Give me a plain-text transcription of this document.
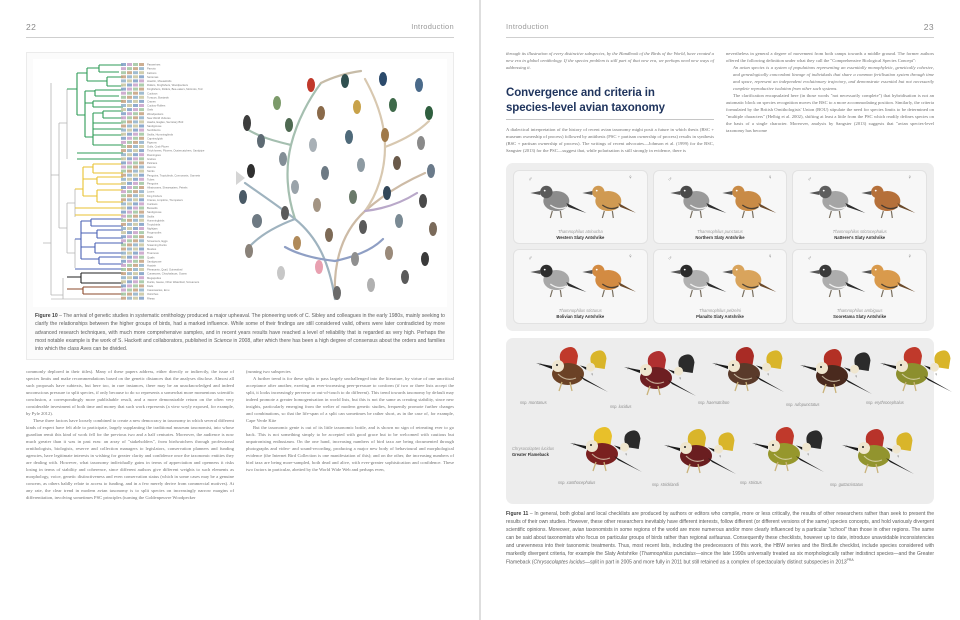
22	Introduction
Passerines
Parrots
Falcons
Seriemas
Hoatzin, Mousebirds
Rollers, Kingfishers, Woodpeckers
Kingfishers, Rollers, Bee-eaters, Motmots, Tod
Cuckoos
Turacos, Bustards
Cranes
Cuckoo-Rollers
Owls
Woodpeckers
New World Vultures
Hawks, Eagles, Secretary Bird
Sandgrouse
Sunbitterns
Swifts, Hummingbirds
Caprimulgids
Pigeons
Gulls, Crab Plover
Thick-knees, Plovers, Oystercatchers, Sandpipe
Flamingoes
Grebes
Pelicans
Herons
Storks
Penguins, Tropicbirds, Cormorants, Gannets
Tubes
Penguins
Albatrosses, Shearwaters, Petrels
Loons
King Fishers
Cranes, Limpkins, Trumpeters
Cuckoos
Bustards
Sandgrouse
Swifts
Hummingbirds
Tropicbirds
Nightjars
Frogmouths
Rails
Screamers, Eggs
Sreaming Ducks
Mesites
Tinamous
Quails
Sandgrouse
Hoatzin
Pheasants, Quail, Guineafowl
Curassows, Chachalacas, Guans
Megapodes
Ducks, Geese, Other Waterfowl, Screamers
Kiwis
Cassowaries, Emu
Ostriches
Rheas
Figure 10 – The arrival of genetic studies in systematic ornithology produced a major upheaval. The pioneering work of C. Sibley and colleagues in the early 1980s, mainly seeking to clarify the relationships between the higher groups of birds, had a marked influence. While some of their findings are still considered valid, others were later contradicted by more advanced research techniques, with much more comprehensive samples, and in recent years results have reached a level of reliability that is regarded as very high. Perhaps the most notable example is the work of S. Hackett and collaborators, published in Science in 2008, after which there has been a high degree of consensus about the orders and families into which the class Aves can be divided.

commonly deplored in their titles). Many of these papers address, either directly or indirectly, the issue of species limits and make recommendations based on the genetic distances that the analyses disclose. Almost all such proposals have subtexts, but here too, in rare instances, there may be an unacknowledged and indeed unconscious pressure to split species, if only because to do so represents a somewhat more momentous scientific conclusion, a correspondingly more publishable result, and a more demonstrable return on the often very considerable investment of both time and money that such work represents (a view wryly exposed, for example, by Pyle 2012).

These three factors have loosely combined to create a new democracy in taxonomy in which several different kinds of expert have felt able to participate, largely supplanting the traditional museum taxonomist, into whose guardian remit this kind of work fell for the previous two and a half centuries. Moreover, the audience is now much greater than it was in past eras: an array of "stakeholders", from birdwatchers through professional ornithologists, biologists, reserve and collection managers to legislators, conservation planners and funding agencies, have legitimate interests in wishing for greater clarity and confidence once the taxonomic entities they are dealing with. However, what taxonomy individually gains in terms of appreciation and openness it risks losing in terms of stability and coherence, since different authors give different weights to such elements as morphology, voice, genetic distinctiveness and even conservation status (which in some cases may be a genuine concern, as others baldly relate to access to funding, and in a few merely derive from commercial motives). At any rate, the clear trend in modern avian taxonomy is to split species on increasingly narrow margins of differentiation, involving sometimes PSC principles (turning the Goldenpeuvre Woodpecker

(running two subspecies

A further trend is for these splits to pass largely unchallenged into the literature, by virtue of one uncritical acceptance after another, exerting an ever-increasing peer-pressure to conform (if two or three lists accept the split, it looks increasingly perverse or out-of-touch to do different). This trend towards taxonomy by default may indeed promote a greater homogenisation in world lists, but this is not the same as creating stability, since new insights, particularly emerging from the welter of modern genetic studies, frequently promote further changes and combinations, so that the life-span of a split can sometimes be rather short, as in the case of, for example, Cape Verde Kite

But the taxonomic genie is out of its little taxonomic bottle, and is shown no sign of retreating ever to go back. This is not something simply to be accepted with good grace but to be welcomed with cautious but unpatronising enthusiasm. On the one hand, increasing numbers of bird taxa are being documented through photographs and video- and sound-recording, producing a major new body of behavioural and morphological evidence (the Internet Bird Collection is one manifestation of this); and on the other, the increasing numbers of bird taxa are being more-sampled, both dead and alive, with ever-greater sophistication and confidence. These two factors in particular, abetted by the World Wide Web and perhaps even,

23
Introduction

through its illustration of every distinctive subspecies, by the Handbook of the Birds of the World, have created a new era in global ornithology. If the species problem is still part of that new era, we perhaps need new ways of addressing it.

Convergence and criteria in
species-level avian taxonomy

A dialectical interpretation of the history of recent avian taxonomy might posit a future in which thesis (BSC + museum ownership of process) followed by antithesis (PSC + partisan ownership of process) results in synthesis (BSC + partisan ownership of process). The writings of recent advocates—Johnson et al. (1999) for the BSC, Sangster (2013) for the PSC—suggest that, while polarisation is still strongly in evidence, there is

nevertheless in general a degree of movement from both camps towards a middle ground. The former authors offered the following definition under what they call the "Comprehensive Biological Species Concept":

An avian species is a system of populations representing an essentially monophyletic, genetically cohesive, and genealogically concordant lineage of individuals that share a common fertilisation system through time and space, represent an independent evolutionary trajectory, and demonstrate essential but not necessarily complete reproductive isolation from other such systems.

The clarification encapsulated here (in those words "not necessarily complete") that hybridisation is not an automatic block on species recognition moves the BSC to a more accommodating position. Similarly, the criteria formulated by the British Ornithologists' Union (BOU) stipulate the need for species limits to be determined on "multiple characters" (Helbig et al. 2002), shifting at least a little from the PSC which readily defines species on the basis of a single character. Moreover, analysis by Sangster (2013) suggests that "avian species-level taxonomy has become

♂	♀
Thamnophilus atrinucha
Western Slaty Antshrike
♂	♀
Thamnophilus punctatus
Northern Slaty Antshrike
♂	♀
Thamnophilus stictocephalus
Natterer's Slaty Antshrike
♂	♀
Thamnophilus sticturus
Bolivian Slaty Antshrike
♂	♀
Thamnophilus pelzelni
Planalto Slaty Antshrike
♂	♀
Thamnophilus ambiguus
Sooretama Slaty Antshrike
♂
♀
ssp. montanus
♂
♀
ssp. lucidus
♂
♀
ssp. haematribon
♂
♀
ssp. rufopunctatus
♂
♀
ssp. erythrocephalus
♂
♀
ssp. xanthocephalus
♂
♀
ssp. stricklandi
♂
♀
ssp. strictus
♂
♀
ssp. guttacristatus
Chrysocolaptes lucidus
Greater Flameback
Figure 11 – In general, both global and local checklists are produced by authors or editors who compile, more or less critically, the results of other researchers rather than seek to present the results of their own studies. However, these other researchers inevitably have different interests, follow different (or different versions of the same) species concepts, and hold variously divergent scientific opinions. Moreover, avian taxonomists in some regions of the world are more numerous and/or more clearly influenced by a particular "school" than those in other regions. The same can be said about taxonomists who focus on particular groups of birds rather than regional avifaunas. Consequently these checklists, however up to date, introduce unavoidable inconsistencies and unevenness into their taxonomic treatments. Thus, most recent lists, including the predecessors of this work, the HBW series and the BirdLife checklist, include species considered with markedly divergent criteria, for example the Slaty Antshrike (Thamnophilus punctatus—since the late 1990s universally treated as six morphologically rather indistinct species—and the Greater Flameback (Chrysocolaptes lucidus—split in part in 2005 and more fully in 2011 but still retained as a complex of spectacularly distinct subspecies in $2013^{PRA}$
